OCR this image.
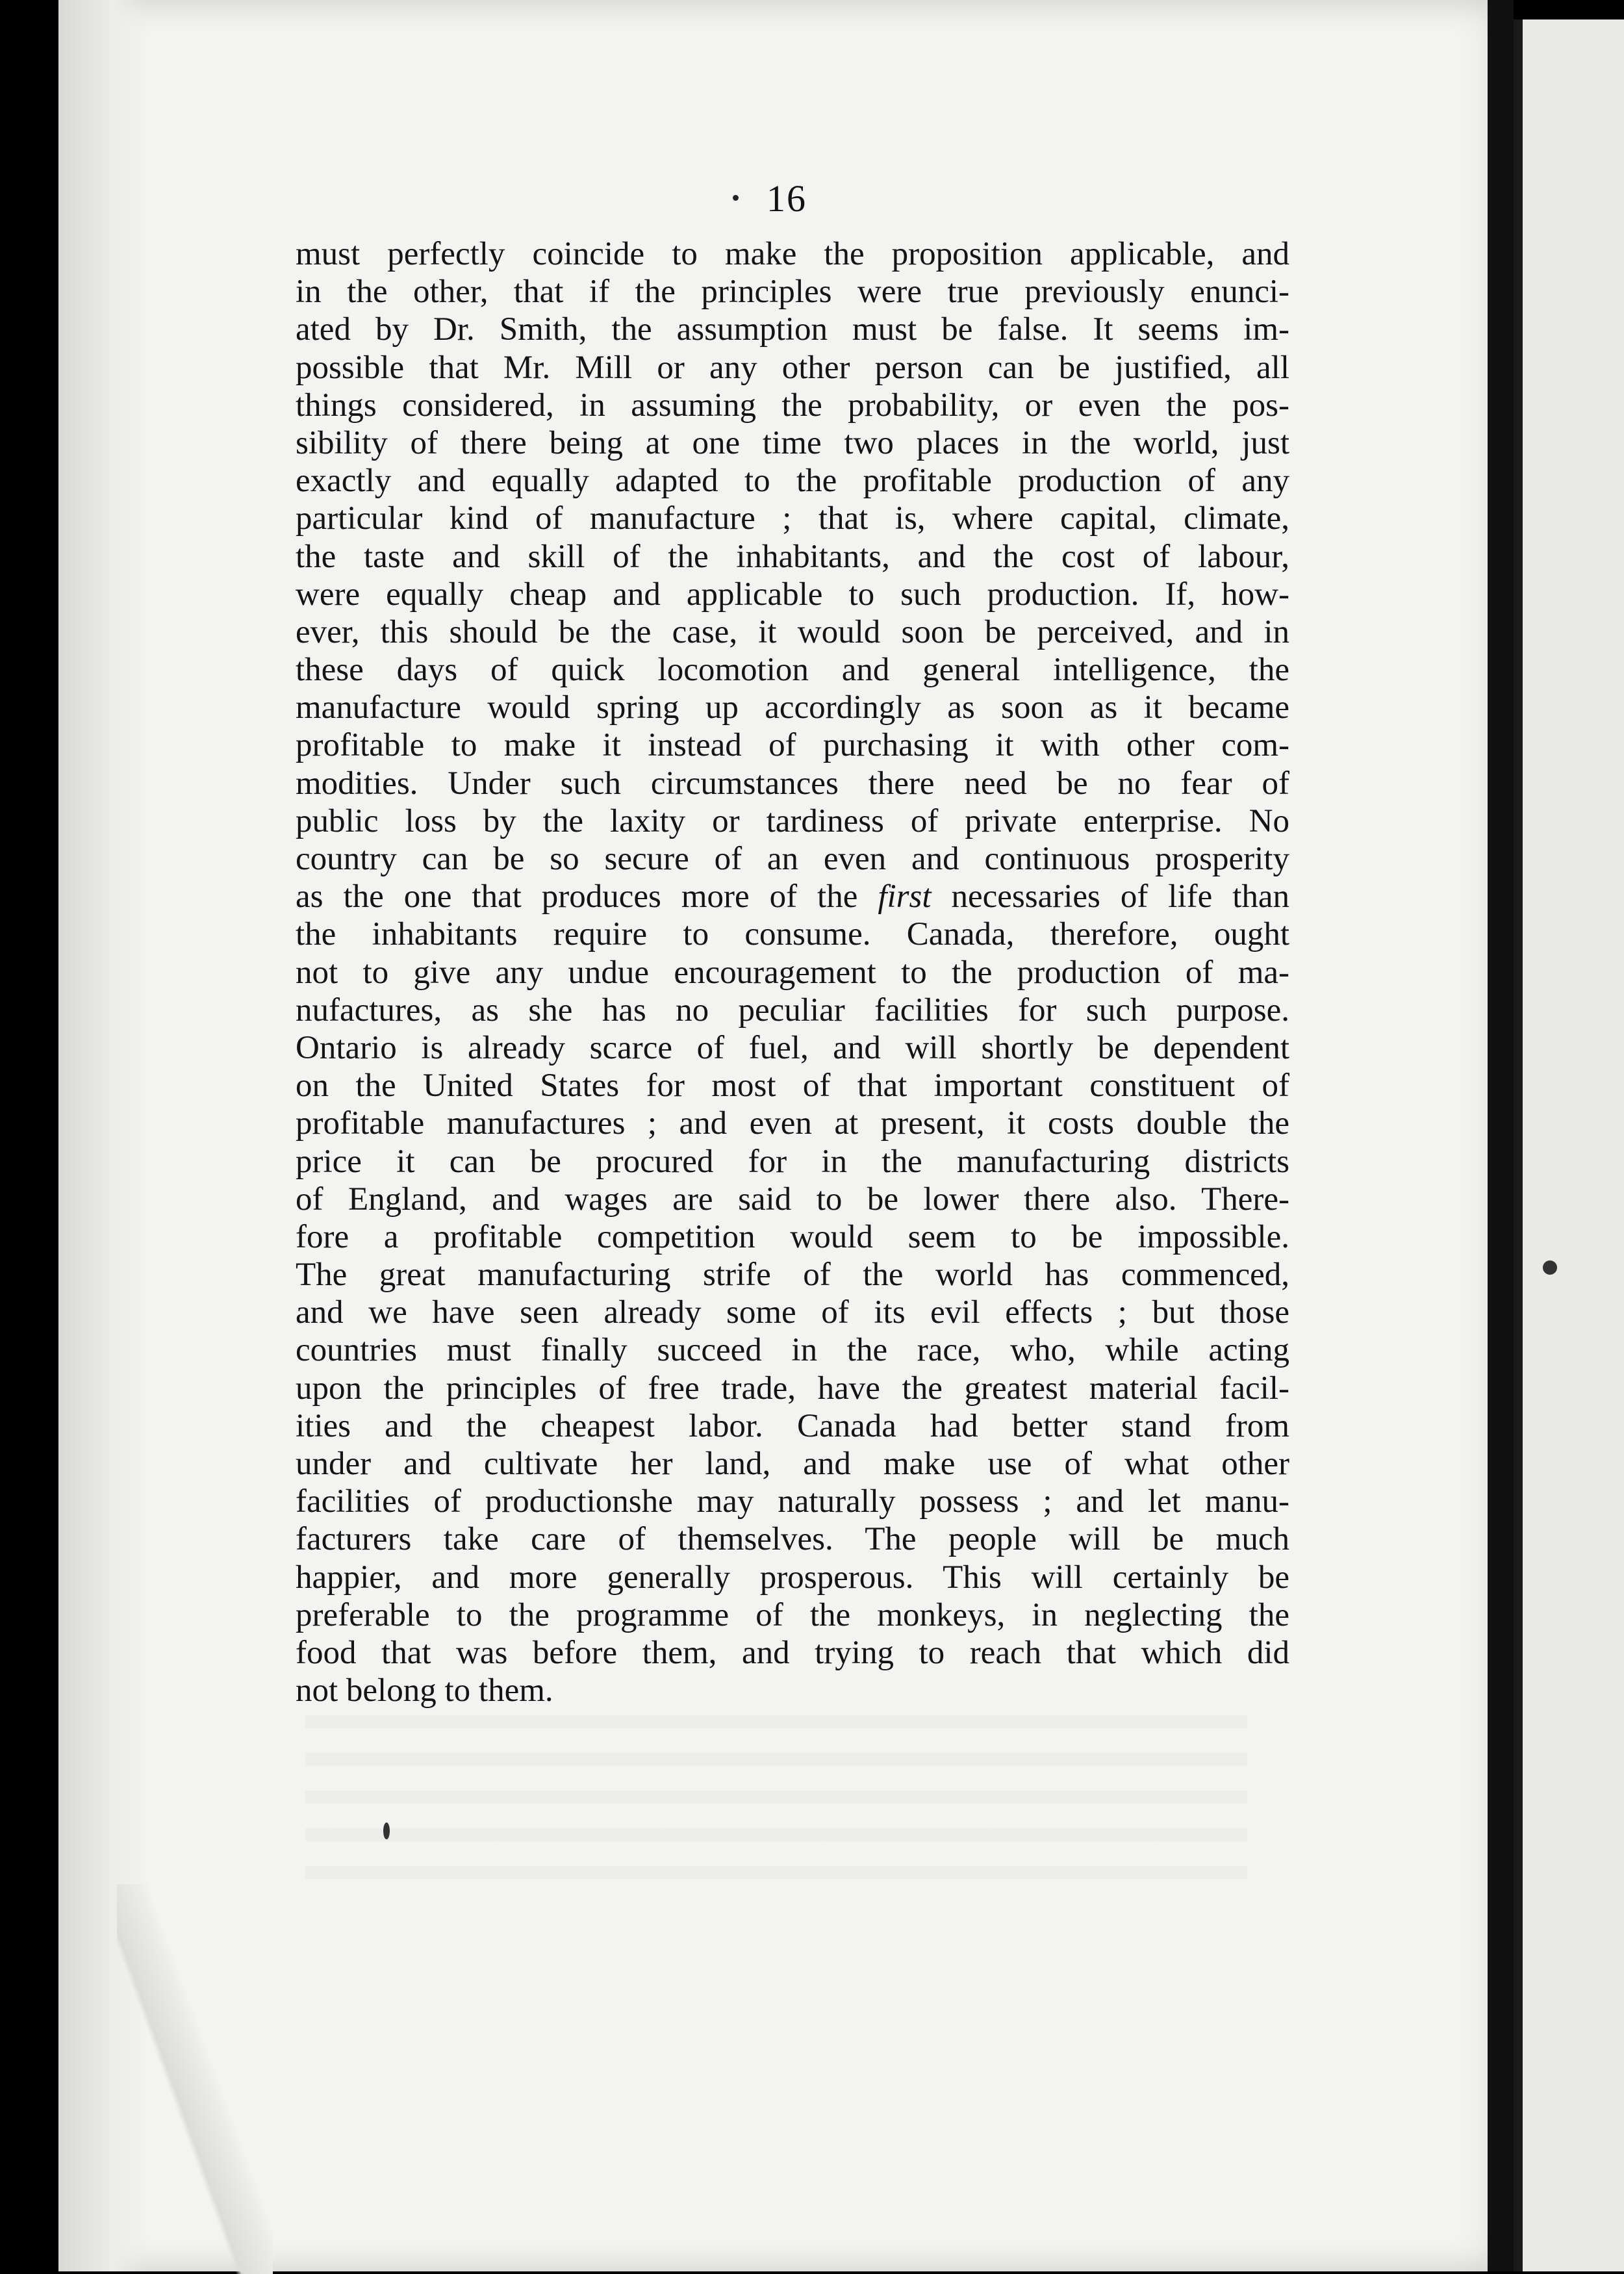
16
must perfectly coincide to make the proposition applicable, and
in the other, that if the principles were true previously enunci-
ated by Dr. Smith, the assumption must be false. It seems im-
possible that Mr. Mill or any other person can be justified, all
things considered, in assuming the probability, or even the pos-
sibility of there being at one time two places in the world, just
exactly and equally adapted to the profitable production of any
particular kind of manufacture ; that is, where capital, climate,
the taste and skill of the inhabitants, and the cost of labour,
were equally cheap and applicable to such production. If, how-
ever, this should be the case, it would soon be perceived, and in
these days of quick locomotion and general intelligence, the
manufacture would spring up accordingly as soon as it became
profitable to make it instead of purchasing it with other com-
modities. Under such circumstances there need be no fear of
public loss by the laxity or tardiness of private enterprise. No
country can be so secure of an even and continuous prosperity
as the one that produces more of the first necessaries of life than
the inhabitants require to consume. Canada, therefore, ought
not to give any undue encouragement to the production of ma-
nufactures, as she has no peculiar facilities for such purpose.
Ontario is already scarce of fuel, and will shortly be dependent
on the United States for most of that important constituent of
profitable manufactures ; and even at present, it costs double the
price it can be procured for in the manufacturing districts
of England, and wages are said to be lower there also. There-
fore a profitable competition would seem to be impossible.
The great manufacturing strife of the world has commenced,
and we have seen already some of its evil effects ; but those
countries must finally succeed in the race, who, while acting
upon the principles of free trade, have the greatest material facil-
ities and the cheapest labor. Canada had better stand from
under and cultivate her land, and make use of what other
facilities of productionshe may naturally possess ; and let manu-
facturers take care of themselves. The people will be much
happier, and more generally prosperous. This will certainly be
preferable to the programme of the monkeys, in neglecting the
food that was before them, and trying to reach that which did
not belong to them.
